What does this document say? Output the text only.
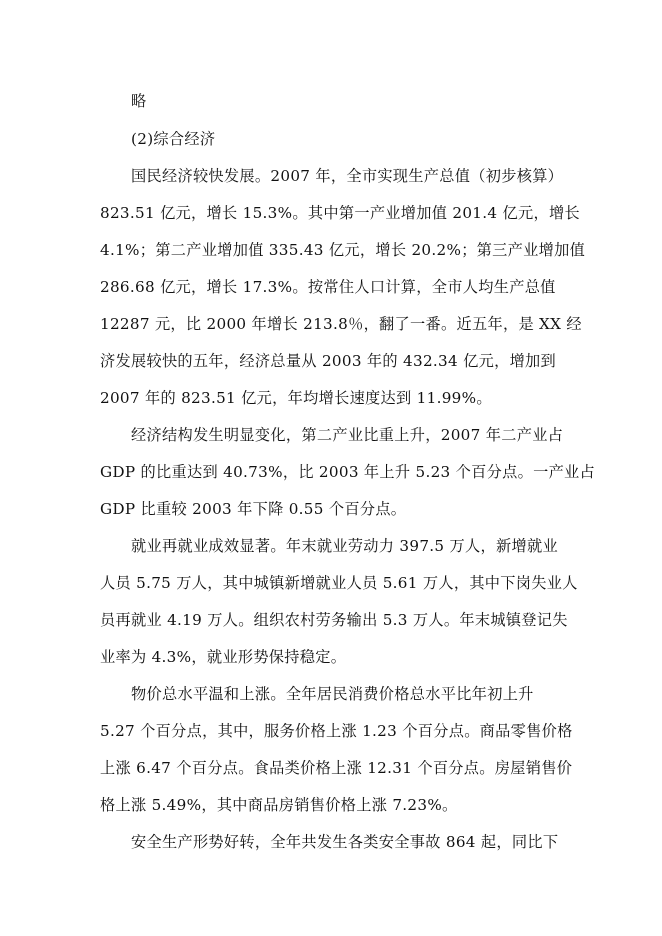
略
(2)综合经济
国民经济较快发展。2007 年，全市实现生产总值（初步核算）
823.51 亿元，增长 15.3%。其中第一产业增加值 201.4 亿元，增长
4.1%；第二产业增加值 335.43 亿元，增长 20.2%；第三产业增加值
286.68 亿元，增长 17.3%。按常住人口计算，全市人均生产总值
12287 元，比 2000 年增长 213.8％，翻了一番。近五年，是 XX 经
济发展较快的五年，经济总量从 2003 年的 432.34 亿元，增加到
2007 年的 823.51 亿元，年均增长速度达到 11.99%。
经济结构发生明显变化，第二产业比重上升，2007 年二产业占
GDP 的比重达到 40.73%，比 2003 年上升 5.23 个百分点。一产业占
GDP 比重较 2003 年下降 0.55 个百分点。
就业再就业成效显著。年末就业劳动力 397.5 万人，新增就业
人员 5.75 万人，其中城镇新增就业人员 5.61 万人，其中下岗失业人
员再就业 4.19 万人。组织农村劳务输出 5.3 万人。年末城镇登记失
业率为 4.3%，就业形势保持稳定。
物价总水平温和上涨。全年居民消费价格总水平比年初上升
5.27 个百分点，其中，服务价格上涨 1.23 个百分点。商品零售价格
上涨 6.47 个百分点。食品类价格上涨 12.31 个百分点。房屋销售价
格上涨 5.49%，其中商品房销售价格上涨 7.23%。
安全生产形势好转，全年共发生各类安全事故 864 起，同比下
